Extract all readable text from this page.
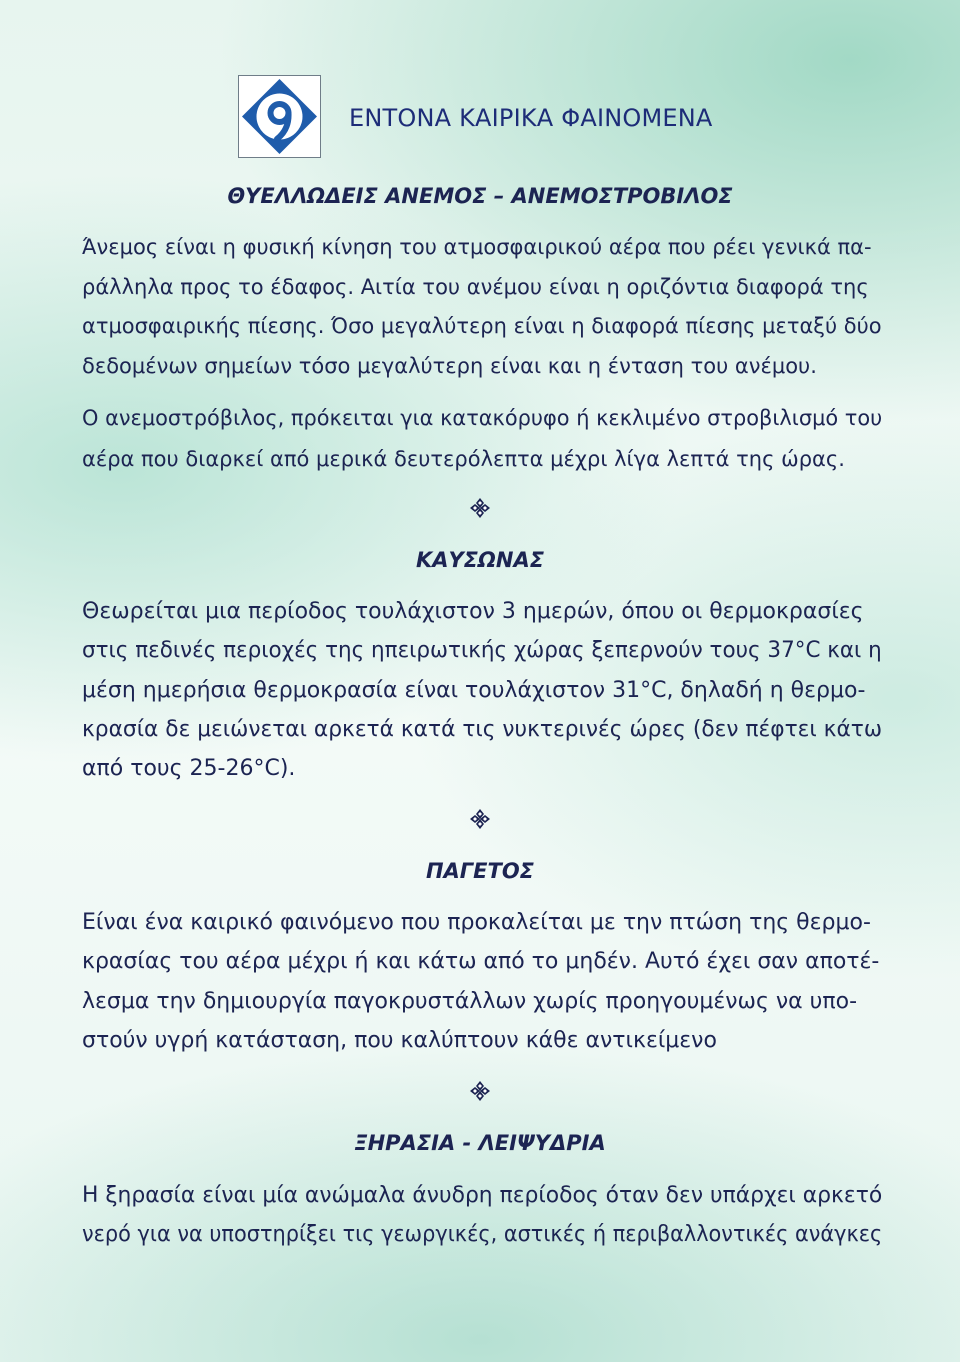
ΕΝΤΟΝΑ ΚΑΙΡΙΚΑ ΦΑΙΝΟΜΕΝΑ
ΘΥΕΛΛΩΔΕΙΣ ΑΝΕΜΟΣ – ΑΝΕΜΟΣΤΡΟΒΙΛΟΣ

Άνεμος είναι η φυσική κίνηση του ατμοσφαιρικού αέρα που ρέει γενικά πα-
ράλληλα προς το έδαφος. Αιτία του ανέμου είναι η οριζόντια διαφορά της
ατμοσφαιρικής πίεσης. Όσο μεγαλύτερη είναι η διαφορά πίεσης μεταξύ δύο
δεδομένων σημείων τόσο μεγαλύτερη είναι και η ένταση του ανέμου.

Ο ανεμοστρόβιλος, πρόκειται για κατακόρυφο ή κεκλιμένο στροβιλισμό του
αέρα που διαρκεί από μερικά δευτερόλεπτα μέχρι λίγα λεπτά της ώρας.

ΚΑΥΣΩΝΑΣ

Θεωρείται μια περίοδος τουλάχιστον 3 ημερών, όπου οι θερμοκρασίες
στις πεδινές περιοχές της ηπειρωτικής χώρας ξεπερνούν τους 37°C και η
μέση ημερήσια θερμοκρασία είναι τουλάχιστον 31°C, δηλαδή η θερμο-
κρασία δε μειώνεται αρκετά κατά τις νυκτερινές ώρες (δεν πέφτει κάτω
από τους 25-26°C).

ΠΑΓΕΤΟΣ

Είναι ένα καιρικό φαινόμενο που προκαλείται με την πτώση της θερμο-
κρασίας του αέρα μέχρι ή και κάτω από το μηδέν. Αυτό έχει σαν αποτέ-
λεσμα την δημιουργία παγοκρυστάλλων χωρίς προηγουμένως να υπο-
στούν υγρή κατάσταση, που καλύπτουν κάθε αντικείμενο

ΞΗΡΑΣΙΑ - ΛΕΙΨΥΔΡΙΑ

Η ξηρασία είναι μία ανώμαλα άνυδρη περίοδος όταν δεν υπάρχει αρκετό νερό για να υποστηρίξει τις γεωργικές, αστικές ή περιβαλλοντικές ανάγκες
